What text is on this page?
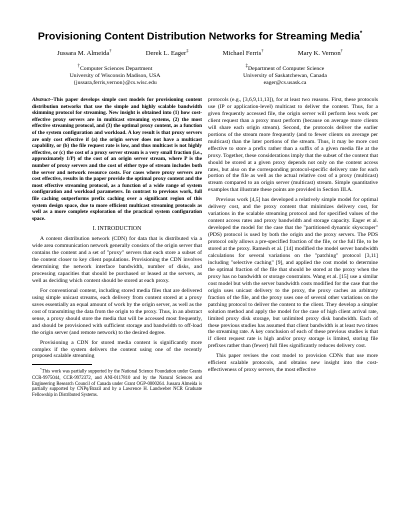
Provisioning Content Distribution Networks for Streaming Media*
Jussara M. Almeida†	Derek L. Eager‡	Michael Ferris†	Mary K. Vernon†
†Computer Sciences Department
University of Wisconsin Madison, USA
{jussara,ferris,vernon}@cs.wisc.edu
‡Department of Computer Science
University of Saskatchewan, Canada
eager@cs.usask.ca

Abstract--This paper develops simple cost models for provisioning content distribution networks that use the simple and highly scalable bandwidth skimming protocol for streaming. New insight is obtained into (1) how cost-effective proxy servers are in multicast streaming systems, (2) the most effective streaming protocol, and (3) the optimal proxy content, as a function of the system configuration and workload. A key result is that proxy servers are only cost effective if (a) the origin server does not have a multicast capability, or (b) the file request rate is low, and thus multicast is not highly effective, or (c) the cost of a proxy server stream is a very small fraction (i.e., approximately 1/P) of the cost of an origin server stream, where P is the number of proxy servers and the cost of either type of stream includes both the server and network resource costs. For cases where proxy servers are cost effective, results in the paper provide the optimal proxy content and the most effective streaming protocol, as a function of a wide range of system configuration and workload parameters. In contrast to previous work, full file caching outperforms prefix caching over a significant region of this system design space, due to more efficient multicast streaming protocols as well as a more complete exploration of the practical system configuration space.

I. INTRODUCTION

A content distribution network (CDN) for data that is distributed via a wide area communication network generally consists of the origin server that contains the content and a set of "proxy" servers that each store a subset of the content closer to key client populations. Provisioning the CDN involves determining the network interface bandwidth, number of disks, and processing capacities that should be purchased or leased at the servers, as well as deciding which content should be stored at each proxy.

For conventional content, including stored media files that are delivered using simple unicast streams, each delivery from content stored at a proxy saves essentially an equal amount of work by the origin server, as well as the cost of transmitting the data from the origin to the proxy. Thus, in an abstract sense, a proxy should store the media that will be accessed most frequently, and should be provisioned with sufficient storage and bandwidth to off-load the origin server (and remote network) to the desired degree.

Provisioning a CDN for stored media content is significantly more complex if the system delivers the content using one of the recently proposed scalable streaming

*This work was partially supported by the National Science Foundation under Grants CCR-9975044, CCR-9972372, and ANI-0117810 and by the Natural Sciences and Engineering Research Council of Canada under Grant OGP-0000264. Jussara Almeida is partially supported by CNPq/Brazil and by a Lawrence H. Landweber NCR Graduate Fellowship in Distributed Systems.

protocols (e.g., [3,6,9,11,13]), for at least two reasons. First, these protocols use (IP or application-level) multicast to deliver the content. Thus, for a given frequently accessed file, the origin server will perform less work per client request than a proxy must perform (because on average more clients will share each origin stream). Second, the protocols deliver the earlier portions of the stream more frequently (and to fewer clients on average per multicast) than the later portions of the stream. Thus, it may be more cost effective to store a prefix rather than a suffix of a given media file at the proxy. Together, these considerations imply that the subset of the content that should be stored at a given proxy depends not only on the content access rates, but also on the corresponding protocol-specific delivery rate for each portion of the file as well as the actual relative cost of a proxy (multicast) stream compared to an origin server (multicast) stream. Simple quantitative examples that illustrate these points are provided in Section III.A.

Previous work [4,5] has developed a relatively simple model for optimal delivery cost, and the proxy content that minimizes delivery cost, for variations in the scalable streaming protocol and for specified values of the content access rates and proxy bandwidth and storage capacity. Eager et al. developed the model for the case that the "partitioned dynamic skyscraper" (PDS) protocol is used by both the origin and the proxy servers. The PDS protocol only allows a pre-specified fraction of the file, or the full file, to be stored at the proxy. Ramesh et al. [14] modified the model server bandwidth calculations for several variations on the "patching" protocol [3,11] including "selective caching" [9], and applied the cost model to determine the optimal fraction of the file that should be stored at the proxy when the proxy has no bandwidth or storage constraints. Wang et al. [15] use a similar cost model but with the server bandwidth costs modified for the case that the origin uses unicast delivery to the proxy, the proxy caches an arbitrary fraction of the file, and the proxy uses one of several other variations on the patching protocol to deliver the content to the client. They develop a simpler solution method and apply the model for the case of high client arrival rate, limited proxy disk storage, but unlimited proxy disk bandwidth. Each of these previous studies has assumed that client bandwidth is at least two times the streaming rate. A key conclusion of each of these previous studies is that if client request rate is high and/or proxy storage is limited, storing file prefixes rather than (fewer) full files significantly reduces delivery cost.

This paper revises the cost model to provision CDNs that use more efficient scalable protocols, and obtains new insight into the cost-effectiveness of proxy servers, the most effective
